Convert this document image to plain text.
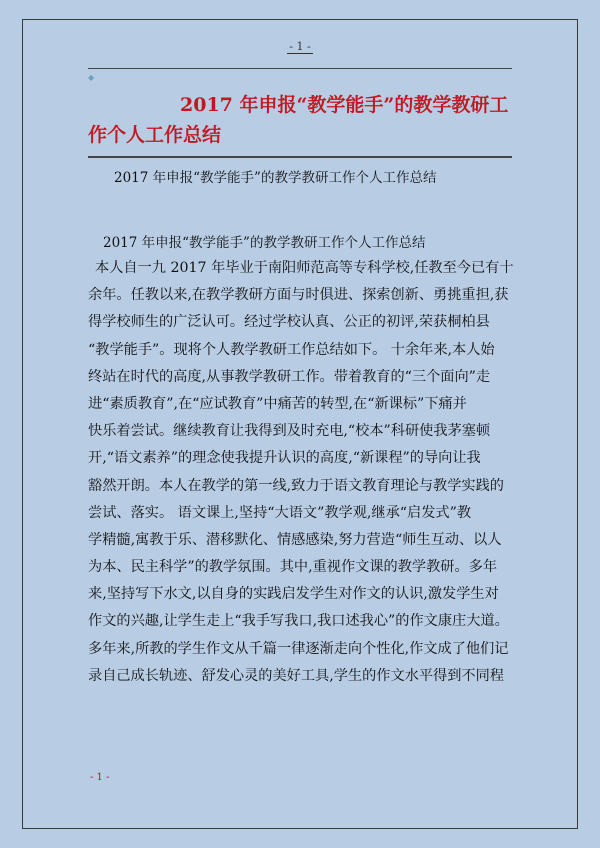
- 1 -
◆
2017 年申报“教学能手”的教学教研工
作个人工作总结
2017 年申报“教学能手”的教学教研工作个人工作总结
2017 年申报“教学能手”的教学教研工作个人工作总结
本人自一九 2017 年毕业于南阳师范高等专科学校,任教至今已有十
余年。任教以来,在教学教研方面与时俱进、探索创新、勇挑重担,获
得学校师生的广泛认可。经过学校认真、公正的初评,荣获桐柏县
“教学能手”。现将个人教学教研工作总结如下。 十余年来,本人始
终站在时代的高度,从事教学教研工作。带着教育的“三个面向”走
进“素质教育”,在“应试教育”中痛苦的转型,在“新课标”下痛并
快乐着尝试。继续教育让我得到及时充电,“校本”科研使我茅塞顿
开,“语文素养”的理念使我提升认识的高度,“新课程”的导向让我
豁然开朗。本人在教学的第一线,致力于语文教育理论与教学实践的
尝试、落实。 语文课上,坚持“大语文”教学观,继承“启发式”教
学精髓,寓教于乐、潜移默化、情感感染,努力营造“师生互动、以人
为本、民主科学”的教学氛围。其中,重视作文课的教学教研。多年
来,坚持写下水文,以自身的实践启发学生对作文的认识,激发学生对
作文的兴趣,让学生走上“我手写我口,我口述我心”的作文康庄大道。
多年来,所教的学生作文从千篇一律逐渐走向个性化,作文成了他们记
录自己成长轨迹、舒发心灵的美好工具,学生的作文水平得到不同程
- 1 -
